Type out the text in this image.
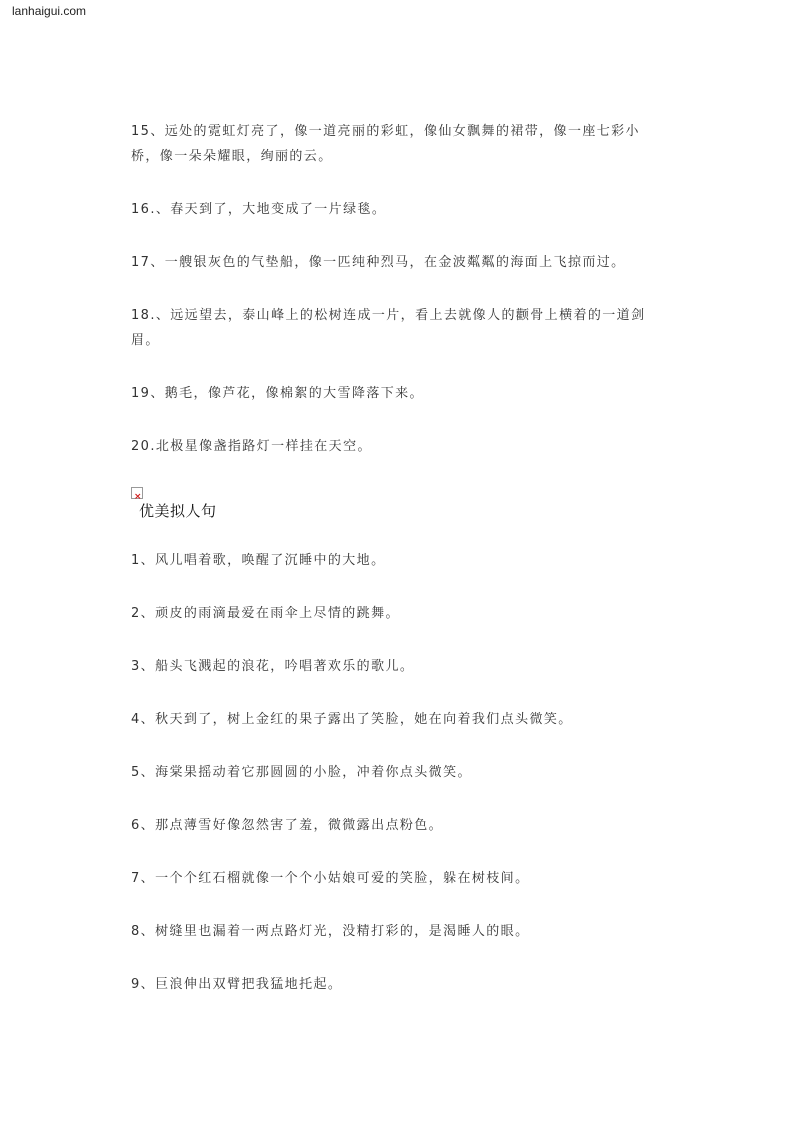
lanhaigui.com

15、远处的霓虹灯亮了，像一道亮丽的彩虹，像仙女飘舞的裙带，像一座七彩小桥，像一朵朵耀眼，绚丽的云。

16.、春天到了，大地变成了一片绿毯。

17、一艘银灰色的气垫船，像一匹纯种烈马，在金波粼粼的海面上飞掠而过。

18.、远远望去，泰山峰上的松树连成一片，看上去就像人的颧骨上横着的一道剑眉。

19、鹅毛，像芦花，像棉絮的大雪降落下来。

20.北极星像盏指路灯一样挂在天空。

×
优美拟人句

1、风儿唱着歌，唤醒了沉睡中的大地。

2、顽皮的雨滴最爱在雨伞上尽情的跳舞。

3、船头飞溅起的浪花，吟唱著欢乐的歌儿。

4、秋天到了，树上金红的果子露出了笑脸，她在向着我们点头微笑。

5、海棠果摇动着它那圆圆的小脸，冲着你点头微笑。

6、那点薄雪好像忽然害了羞，微微露出点粉色。

7、一个个红石榴就像一个个小姑娘可爱的笑脸，躲在树枝间。

8、树缝里也漏着一两点路灯光，没精打彩的，是渴睡人的眼。

9、巨浪伸出双臂把我猛地托起。
